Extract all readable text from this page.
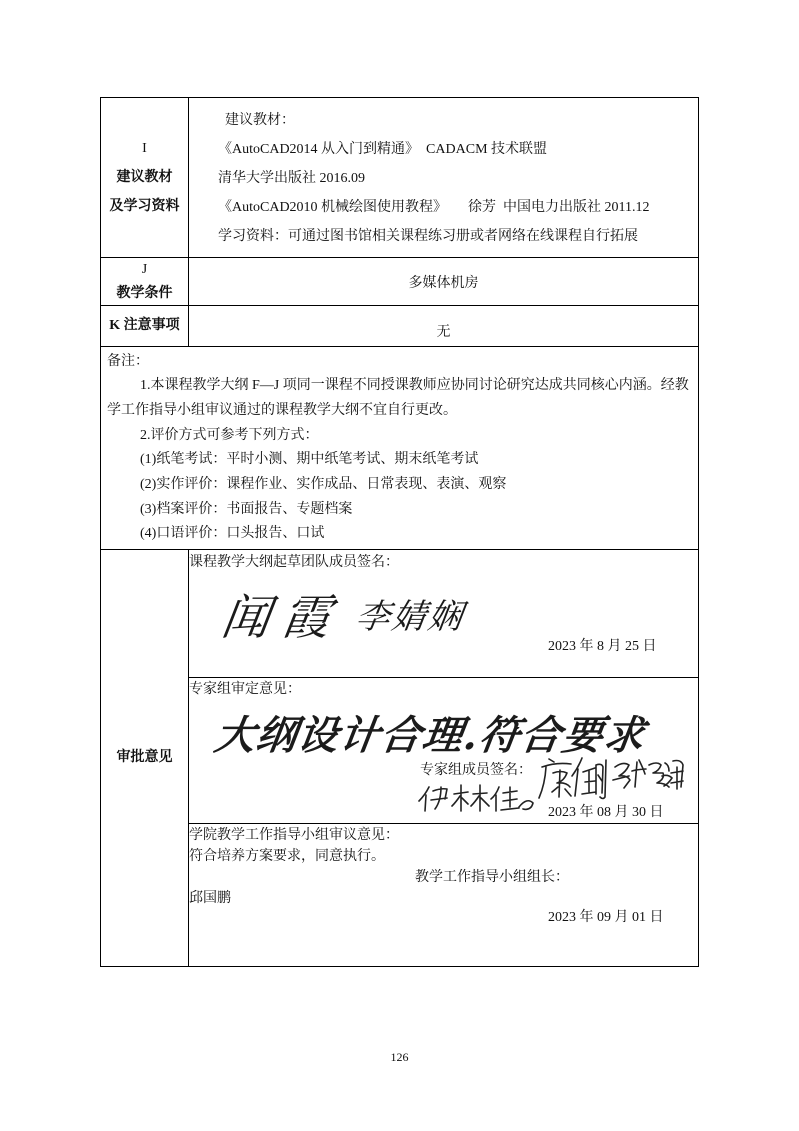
I
建议教材
及学习资料
建议教材：
《AutoCAD2014 从入门到精通》  CADACM 技术联盟
清华大学出版社 2016.09
《AutoCAD2010 机械绘图使用教程》      徐芳  中国电力出版社 2011.12
学习资料：可通过图书馆相关课程练习册或者网络在线课程自行拓展
J
教学条件
多媒体机房
K 注意事项	无
备注：
1.本课程教学大纲 F—J 项同一课程不同授课教师应协同讨论研究达成共同核心内涵。经教
学工作指导小组审议通过的课程教学大纲不宜自行更改。
2.评价方式可参考下列方式：
(1)纸笔考试：平时小测、期中纸笔考试、期末纸笔考试
(2)实作评价：课程作业、实作成品、日常表现、表演、观察
(3)档案评价：书面报告、专题档案
(4)口语评价：口头报告、口试
审批意见
课程教学大纲起草团队成员签名：
闻霞 李婧娴
2023 年 8 月 25 日
专家组审定意见：
大纲设计合理.符合要求
专家组成员签名：
2023 年 08 月 30 日
学院教学工作指导小组审议意见：
符合培养方案要求，同意执行。
教学工作指导小组组长：
邱国鹏
2023 年 09 月 01 日
126
